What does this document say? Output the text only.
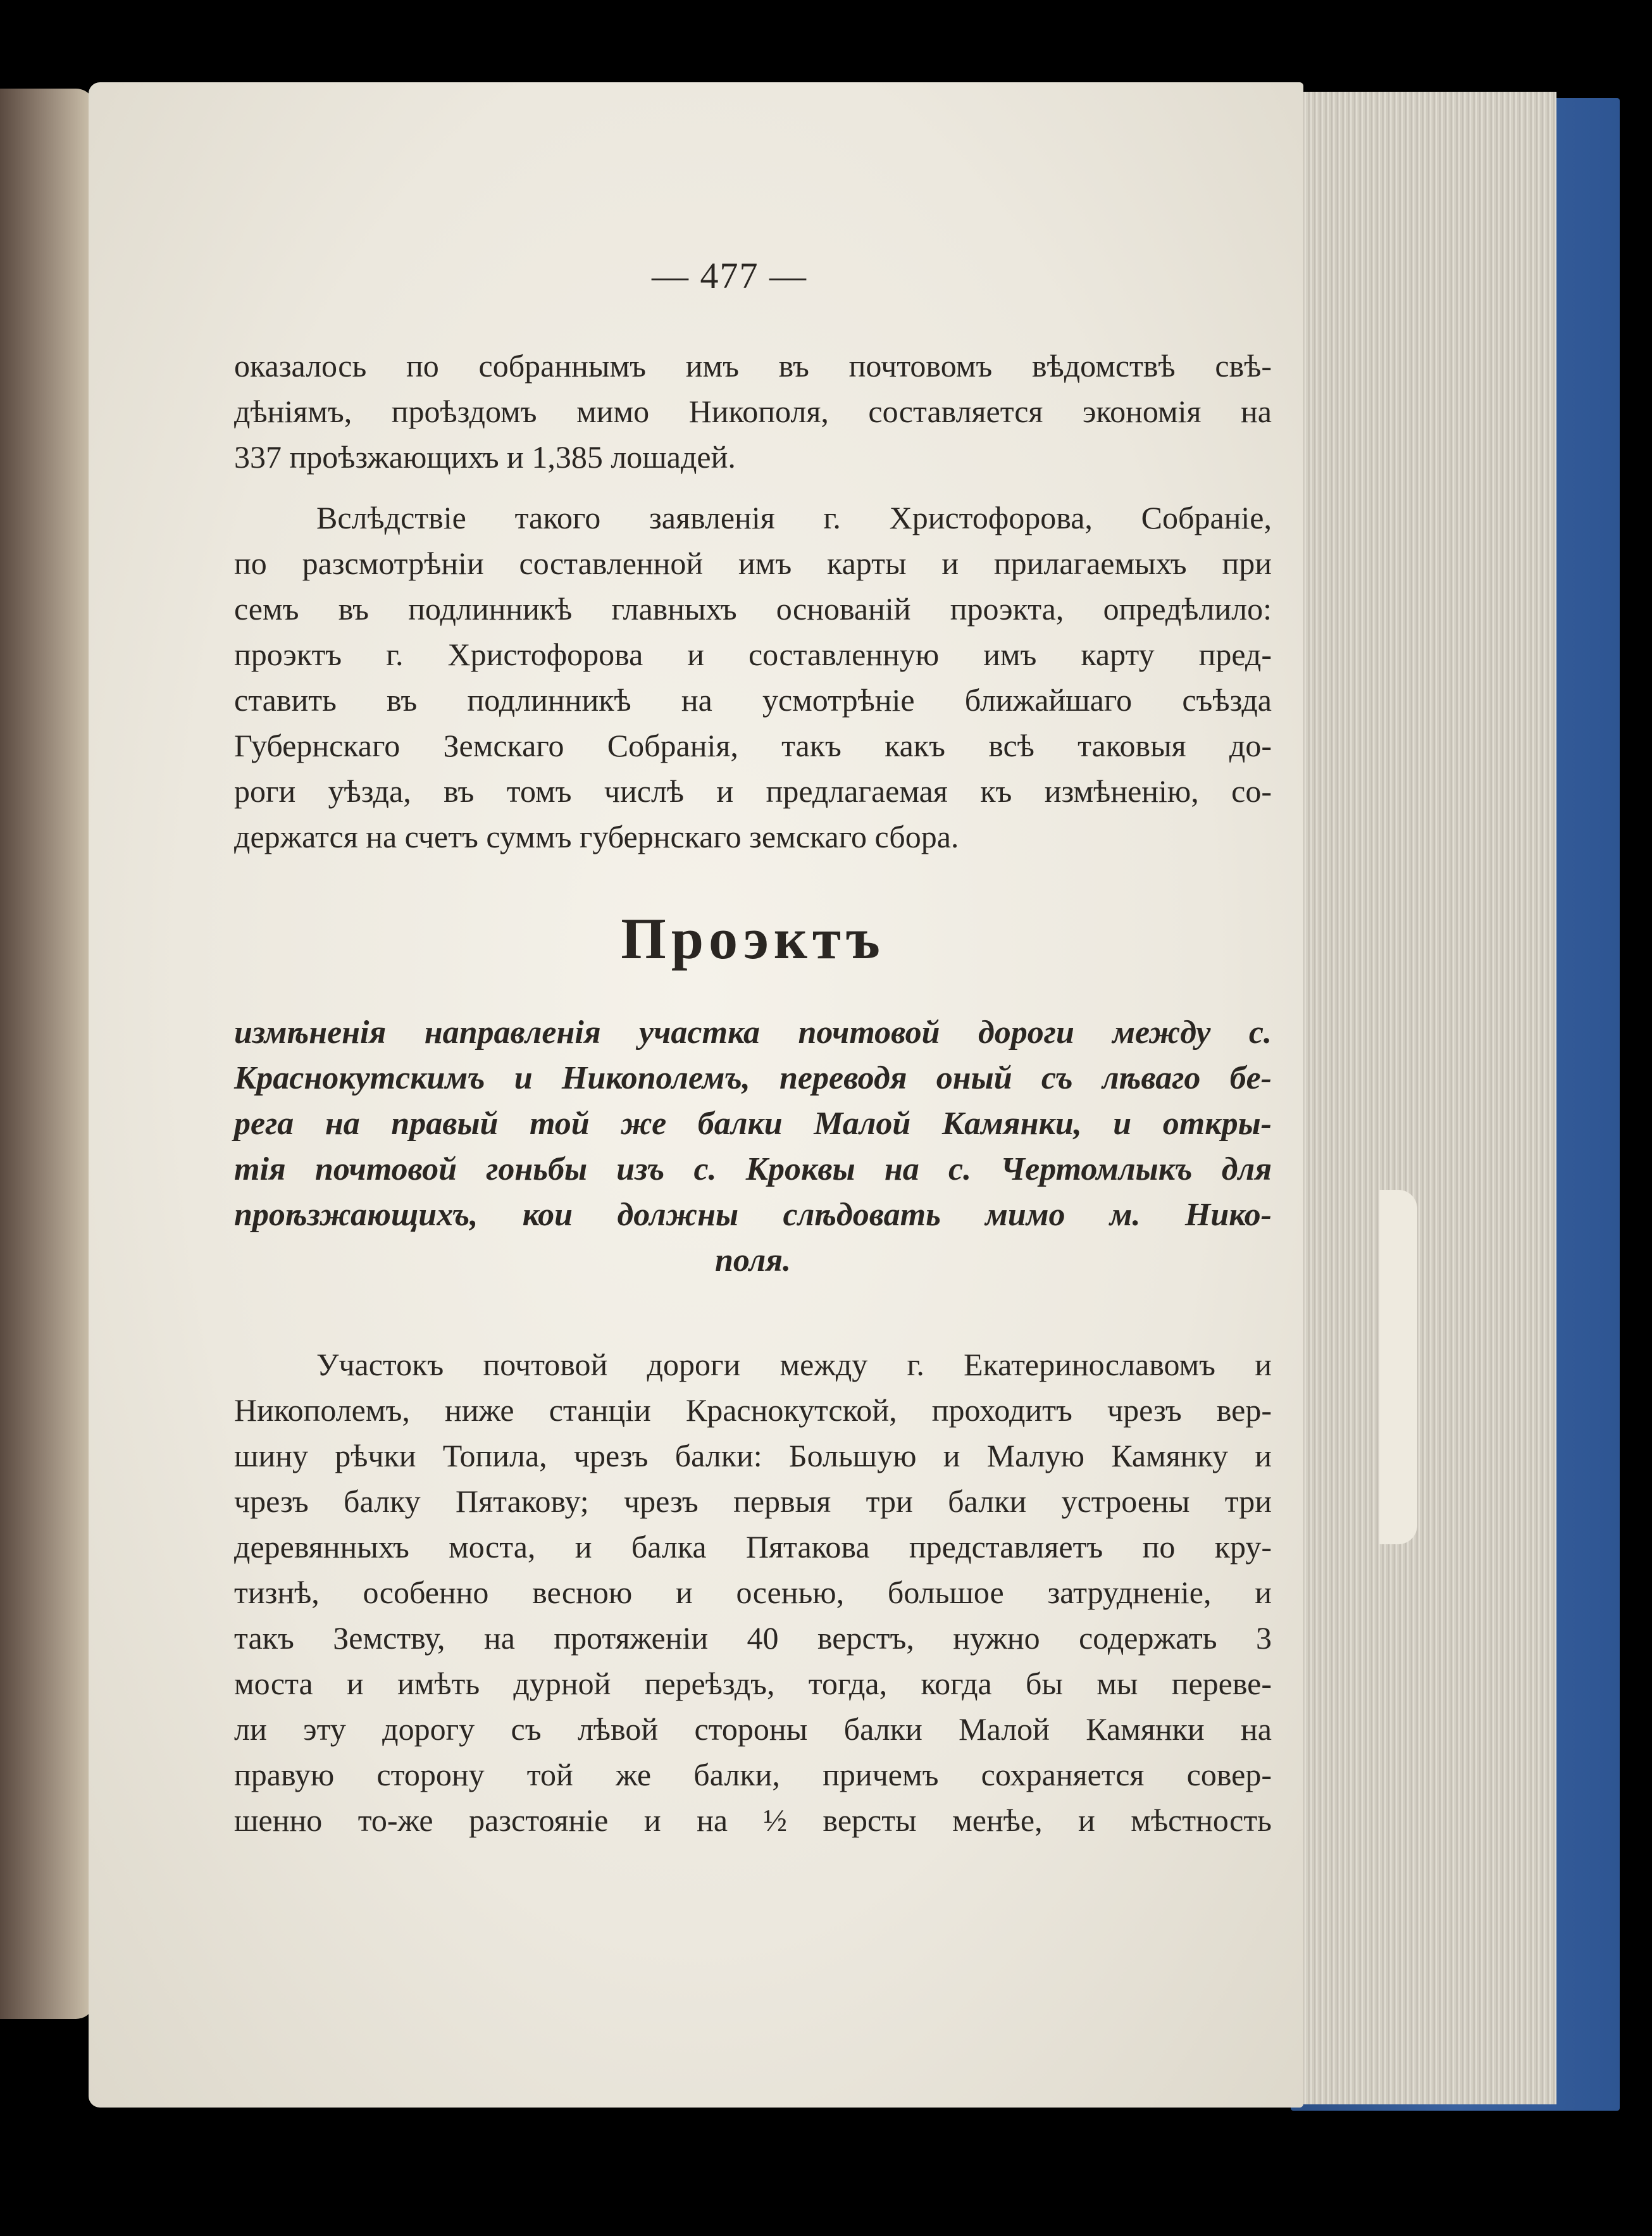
— 477 —
оказалось по собраннымъ имъ въ почтовомъ вѣдомствѣ свѣ-
дѣніямъ, проѣздомъ мимо Никополя, составляется экономія на
337 проѣзжающихъ и 1,385 лошадей.
Вслѣдствіе такого заявленія г. Христофорова, Собраніе,
по разсмотрѣніи составленной имъ карты и прилагаемыхъ при
семъ въ подлинникѣ главныхъ основаній проэкта, опредѣлило:
проэктъ г. Христофорова и составленную имъ карту пред-
ставить въ подлинникѣ на усмотрѣніе ближайшаго съѣзда
Губернскаго Земскаго Собранія, такъ какъ всѣ таковыя до-
роги уѣзда, въ томъ числѣ и предлагаемая къ измѣненію, со-
держатся на счетъ суммъ губернскаго земскаго сбора.
Проэктъ
измѣненія направленія участка почтовой дороги между с.
Краснокутскимъ и Никополемъ, переводя оный съ лѣваго бе-
рега на правый той же балки Малой Камянки, и откры-
тія почтовой гоньбы изъ с. Кроквы на с. Чертомлыкъ для
проѣзжающихъ, кои должны слѣдовать мимо м. Нико-
поля.
Участокъ почтовой дороги между г. Екатеринославомъ и
Никополемъ, ниже станціи Краснокутской, проходитъ чрезъ вер-
шину рѣчки Топила, чрезъ балки: Большую и Малую Камянку и
чрезъ балку Пятакову; чрезъ первыя три балки устроены три
деревянныхъ моста, и балка Пятакова представляетъ по кру-
тизнѣ, особенно весною и осенью, большое затрудненіе, и
такъ Земству, на протяженіи 40 верстъ, нужно содержать 3
моста и имѣть дурной переѣздъ, тогда, когда бы мы переве-
ли эту дорогу съ лѣвой стороны балки Малой Камянки на
правую сторону той же балки, причемъ сохраняется совер-
шенно то-же разстояніе и на ½ версты менѣе, и мѣстность
